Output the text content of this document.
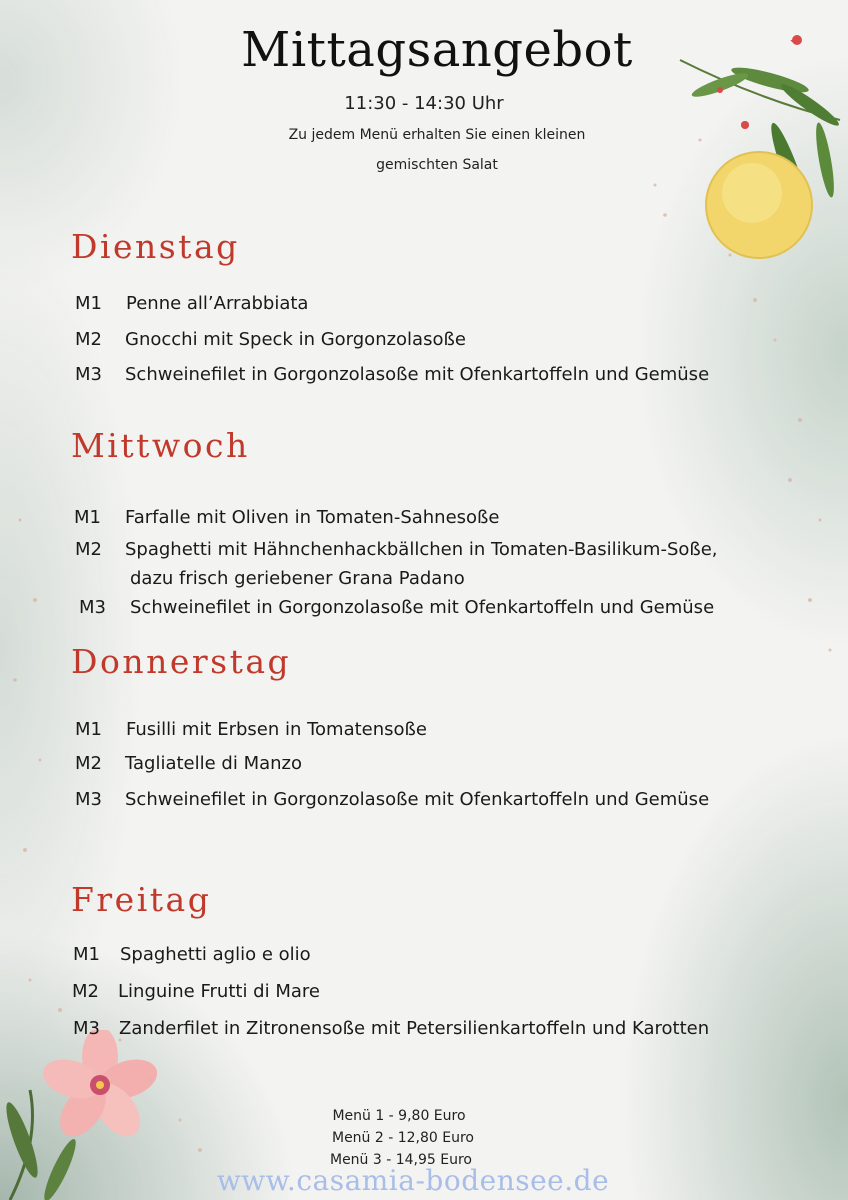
Mittagsangebot
11:30 - 14:30 Uhr
Zu jedem Menü erhalten Sie einen kleinen
gemischten Salat
Dienstag
M1 Penne all’Arrabbiata
M2 Gnocchi mit Speck in Gorgonzolasoße
M3 Schweinefilet in Gorgonzolasoße mit Ofenkartoffeln und Gemüse
Mittwoch
M1 Farfalle mit Oliven in Tomaten-Sahnesoße
M2 Spaghetti mit Hähnchenhackbällchen in Tomaten-Basilikum-Soße,
dazu frisch geriebener Grana Padano
M3 Schweinefilet in Gorgonzolasoße mit Ofenkartoffeln und Gemüse
Donnerstag
M1 Fusilli mit Erbsen in Tomatensoße
M2 Tagliatelle di Manzo
M3 Schweinefilet in Gorgonzolasoße mit Ofenkartoffeln und Gemüse
Freitag
M1 Spaghetti aglio e olio
M2 Linguine Frutti di Mare
M3 Zanderfilet in Zitronensoße mit Petersilienkartoffeln und Karotten
Menü 1 - 9,80 Euro
Menü 2 - 12,80 Euro
Menü 3 - 14,95 Euro
www.casamia-bodensee.de
